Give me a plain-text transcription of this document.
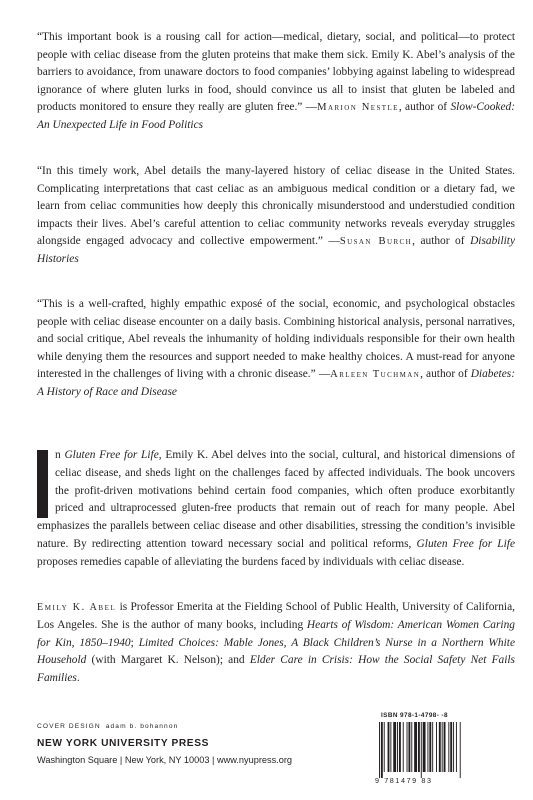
“This important book is a rousing call for action—medical, dietary, social, and political—to protect people with celiac disease from the gluten proteins that make them sick. Emily K. Abel’s analysis of the barriers to avoidance, from unaware doctors to food companies’ lobbying against labeling to widespread ignorance of where gluten lurks in food, should convince us all to insist that gluten be labeled and products monitored to ensure they really are gluten free.” —Marion Nestle, author of Slow-Cooked: An Unexpected Life in Food Politics

“In this timely work, Abel details the many-layered history of celiac disease in the United States. Complicating interpretations that cast celiac as an ambiguous medical condition or a dietary fad, we learn from celiac communities how deeply this chronically misunderstood and understudied condition impacts their lives. Abel’s careful attention to celiac community networks reveals everyday struggles alongside engaged advocacy and collective empowerment.” —Susan Burch, author of Disability Histories

“This is a well-crafted, highly empathic exposé of the social, economic, and psychological obstacles people with celiac disease encounter on a daily basis. Combining historical analysis, personal narratives, and social critique, Abel reveals the inhumanity of holding individuals responsible for their own health while denying them the resources and support needed to make healthy choices. A must-read for anyone interested in the challenges of living with a chronic disease.” —Arleen Tuchman, author of Diabetes: A History of Race and Disease

n Gluten Free for Life, Emily K. Abel delves into the social, cultural, and historical dimensions of celiac disease, and sheds light on the challenges faced by affected individuals. The book uncovers the profit-driven motivations behind certain food companies, which often produce exorbitantly priced and ultraprocessed gluten-free products that remain out of reach for many people. Abel emphasizes the parallels between celiac disease and other disabilities, stressing the condition’s invisible nature. By redirecting attention toward necessary social and political reforms, Gluten Free for Life proposes remedies capable of alleviating the burdens faced by individuals with celiac disease.

Emily K. Abel is Professor Emerita at the Fielding School of Public Health, University of California, Los Angeles. She is the author of many books, including Hearts of Wisdom: American Women Caring for Kin, 1850–1940; Limited Choices: Mable Jones, A Black Children’s Nurse in a Northern White Household (with Margaret K. Nelson); and Elder Care in Crisis: How the Social Safety Net Fails Families.

COVER DESIGN adam b. bohannon
NEW YORK UNIVERSITY PRESS
Washington Square | New York, NY 10003 | www.nyupress.org
ISBN 978-1-4798- -8
9 781479 83
